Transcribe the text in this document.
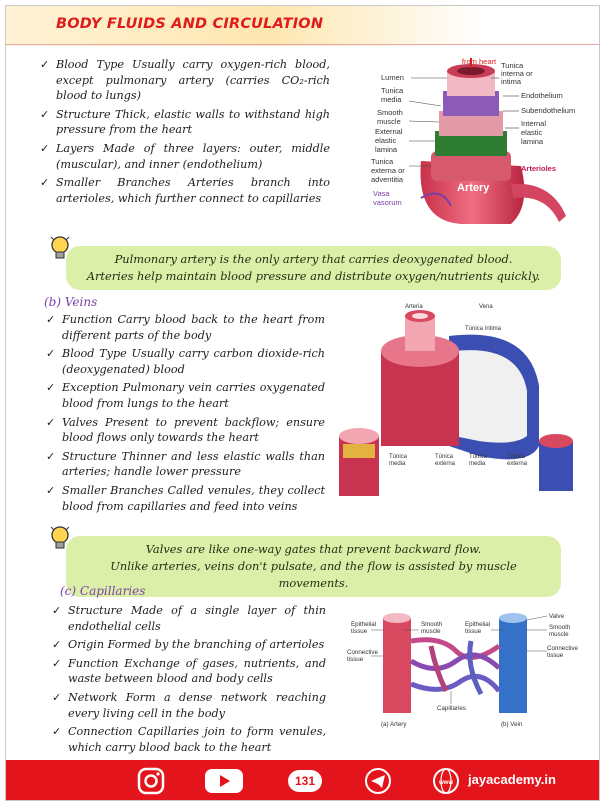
BODY FLUIDS AND CIRCULATION
✓ Blood Type Usually carry oxygen-rich blood, except pulmonary artery (carries CO₂-rich blood to lungs)
✓ Structure Thick, elastic walls to withstand high pressure from the heart
✓ Layers Made of three layers: outer, middle (muscular), and inner (endothelium)
✓ Smaller Branches Arteries branch into arterioles, which further connect to capillaries
from heart
Lumen
Tunica
media
Smooth
muscle
External
elastic
lamina
Tunica
externa or
adventitia
Vasa
vasorum
Tunica
interna or
intima
Endothelium
Subendothelium
Internal
elastic
lamina
Arterioles
Artery
Pulmonary artery is the only artery that carries deoxygenated blood.
Arteries help maintain blood pressure and distribute oxygen/nutrients quickly.
(b) Veins
✓ Function Carry blood back to the heart from different parts of the body
✓ Blood Type Usually carry carbon dioxide-rich (deoxygenated) blood
✓ Exception Pulmonary vein carries oxygenated blood from lungs to the heart
✓ Valves Present to prevent backflow; ensure blood flows only towards the heart
✓ Structure Thinner and less elastic walls than arteries; handle lower pressure
✓ Smaller Branches Called venules, they collect blood from capillaries and feed into veins
Arteria	Vena
Túnica íntima
Túnica
media
Túnica
externa
Túnica
media
Túnica
externa
Valves are like one-way gates that prevent backward flow.
Unlike arteries, veins don't pulsate, and the flow is assisted by muscle movements.
(c) Capillaries
✓ Structure Made of a single layer of thin endothelial cells
✓ Origin Formed by the branching of arterioles
✓ Function Exchange of gases, nutrients, and waste between blood and body cells
✓ Network Form a dense network reaching every living cell in the body
✓ Connection Capillaries join to form venules, which carry blood back to the heart
Epithelial
tissue
Smooth
muscle
Connective
tissue
Epithelial
tissue
Valve
Smooth
muscle
Connective
tissue
Capillaries
(a) Artery	(b) Vein
131	www jayacademy.in
